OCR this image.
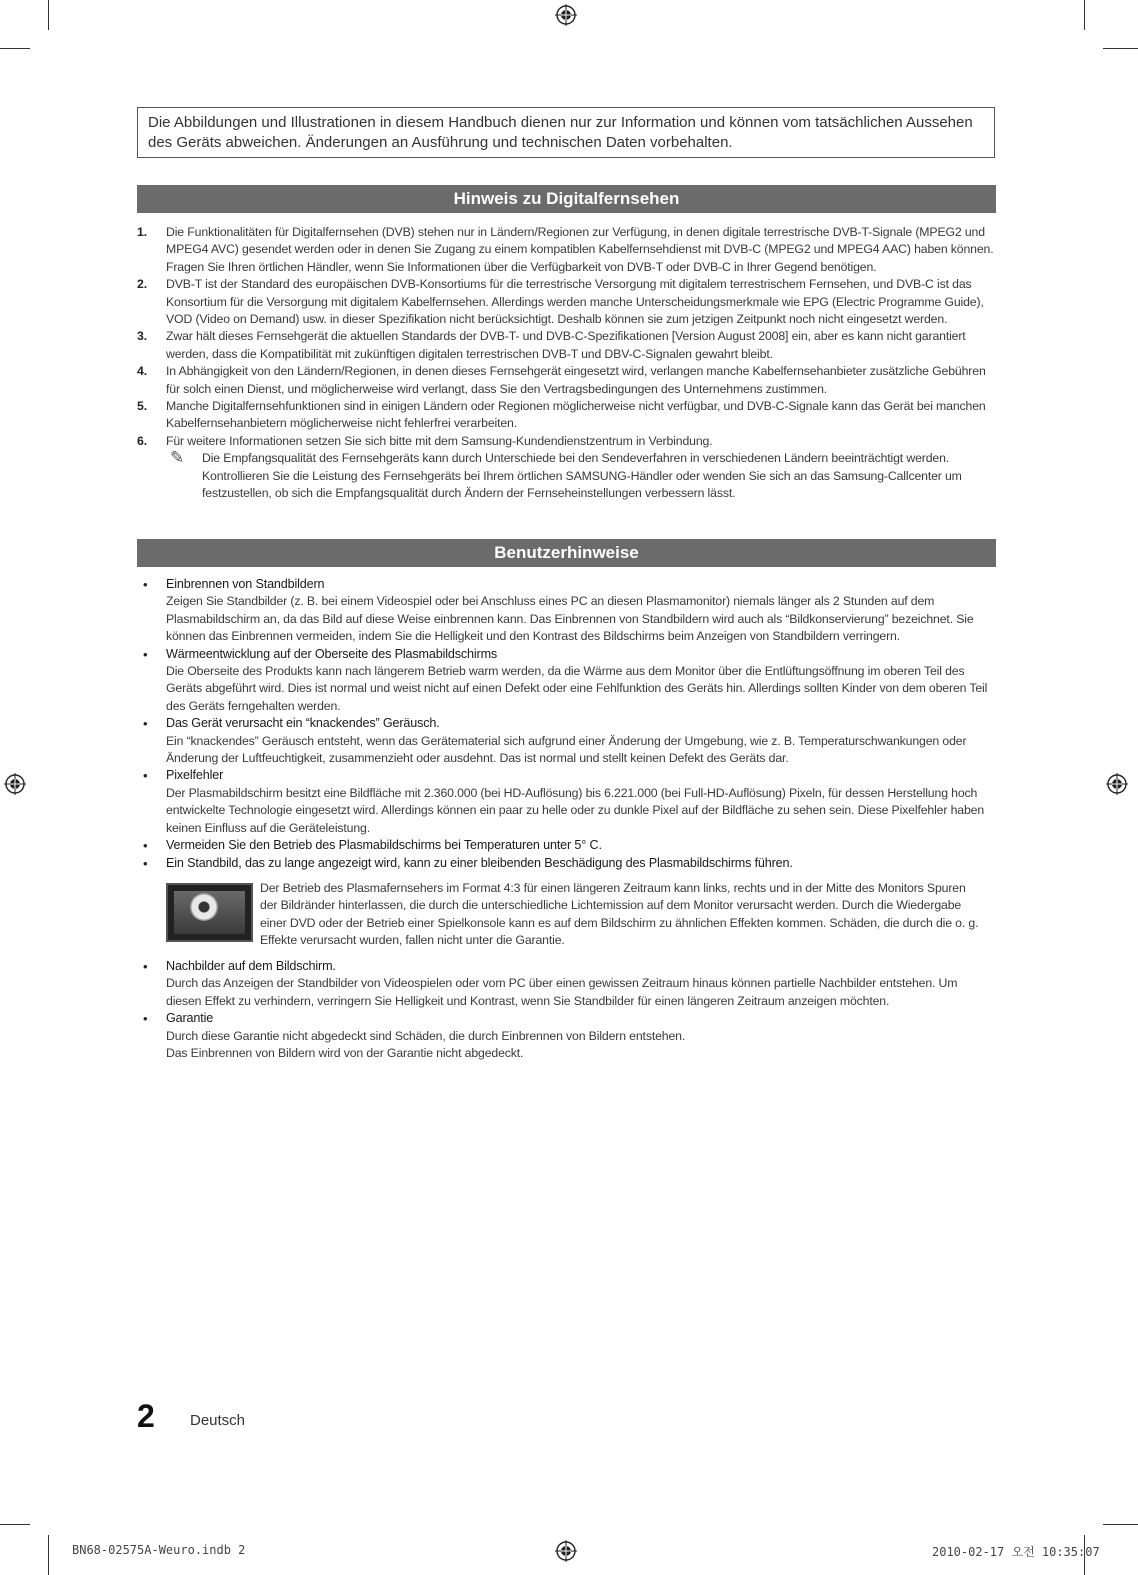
Die Abbildungen und Illustrationen in diesem Handbuch dienen nur zur Information und können vom tatsächlichen Aussehen des Geräts abweichen. Änderungen an Ausführung und technischen Daten vorbehalten.
Hinweis zu Digitalfernsehen
1. Die Funktionalitäten für Digitalfernsehen (DVB) stehen nur in Ländern/Regionen zur Verfügung, in denen digitale terrestrische DVB-T-Signale (MPEG2 und MPEG4 AVC) gesendet werden oder in denen Sie Zugang zu einem kompatiblen Kabelfernsehdienst mit DVB-C (MPEG2 und MPEG4 AAC) haben können. Fragen Sie Ihren örtlichen Händler, wenn Sie Informationen über die Verfügbarkeit von DVB-T oder DVB-C in Ihrer Gegend benötigen.
2. DVB-T ist der Standard des europäischen DVB-Konsortiums für die terrestrische Versorgung mit digitalem terrestrischem Fernsehen, und DVB-C ist das Konsortium für die Versorgung mit digitalem Kabelfernsehen. Allerdings werden manche Unterscheidungsmerkmale wie EPG (Electric Programme Guide), VOD (Video on Demand) usw. in dieser Spezifikation nicht berücksichtigt. Deshalb können sie zum jetzigen Zeitpunkt noch nicht eingesetzt werden.
3. Zwar hält dieses Fernsehgerät die aktuellen Standards der DVB-T- und DVB-C-Spezifikationen [Version August 2008] ein, aber es kann nicht garantiert werden, dass die Kompatibilität mit zukünftigen digitalen terrestrischen DVB-T und DBV-C-Signalen gewahrt bleibt.
4. In Abhängigkeit von den Ländern/Regionen, in denen dieses Fernsehgerät eingesetzt wird, verlangen manche Kabelfernsehanbieter zusätzliche Gebühren für solch einen Dienst, und möglicherweise wird verlangt, dass Sie den Vertragsbedingungen des Unternehmens zustimmen.
5. Manche Digitalfernsehfunktionen sind in einigen Ländern oder Regionen möglicherweise nicht verfügbar, und DVB-C-Signale kann das Gerät bei manchen Kabelfernsehanbietern möglicherweise nicht fehlerfrei verarbeiten.
6. Für weitere Informationen setzen Sie sich bitte mit dem Samsung-Kundendienstzentrum in Verbindung.
✎ Die Empfangsqualität des Fernsehgeräts kann durch Unterschiede bei den Sendeverfahren in verschiedenen Ländern beeinträchtigt werden. Kontrollieren Sie die Leistung des Fernsehgeräts bei Ihrem örtlichen SAMSUNG-Händler oder wenden Sie sich an das Samsung-Callcenter um festzustellen, ob sich die Empfangsqualität durch Ändern der Fernseheinstellungen verbessern lässt.
Benutzerhinweise
• Einbrennen von Standbildern
Zeigen Sie Standbilder (z. B. bei einem Videospiel oder bei Anschluss eines PC an diesen Plasmamonitor) niemals länger als 2 Stunden auf dem Plasmabildschirm an, da das Bild auf diese Weise einbrennen kann. Das Einbrennen von Standbildern wird auch als “Bildkonservierung” bezeichnet. Sie können das Einbrennen vermeiden, indem Sie die Helligkeit und den Kontrast des Bildschirms beim Anzeigen von Standbildern verringern.
• Wärmeentwicklung auf der Oberseite des Plasmabildschirms
Die Oberseite des Produkts kann nach längerem Betrieb warm werden, da die Wärme aus dem Monitor über die Entlüftungsöffnung im oberen Teil des Geräts abgeführt wird. Dies ist normal und weist nicht auf einen Defekt oder eine Fehlfunktion des Geräts hin. Allerdings sollten Kinder von dem oberen Teil des Geräts ferngehalten werden.
• Das Gerät verursacht ein “knackendes” Geräusch.
Ein “knackendes” Geräusch entsteht, wenn das Gerätematerial sich aufgrund einer Änderung der Umgebung, wie z. B. Temperaturschwankungen oder Änderung der Luftfeuchtigkeit, zusammenzieht oder ausdehnt. Das ist normal und stellt keinen Defekt des Geräts dar.
• Pixelfehler
Der Plasmabildschirm besitzt eine Bildfläche mit 2.360.000 (bei HD-Auflösung) bis 6.221.000 (bei Full-HD-Auflösung) Pixeln, für dessen Herstellung hoch entwickelte Technologie eingesetzt wird. Allerdings können ein paar zu helle oder zu dunkle Pixel auf der Bildfläche zu sehen sein. Diese Pixelfehler haben keinen Einfluss auf die Geräteleistung.
• Vermeiden Sie den Betrieb des Plasmabildschirms bei Temperaturen unter 5° C.
• Ein Standbild, das zu lange angezeigt wird, kann zu einer bleibenden Beschädigung des Plasmabildschirms führen.
Der Betrieb des Plasmafernsehers im Format 4:3 für einen längeren Zeitraum kann links, rechts und in der Mitte des Monitors Spuren der Bildränder hinterlassen, die durch die unterschiedliche Lichtemission auf dem Monitor verursacht werden. Durch die Wiedergabe einer DVD oder der Betrieb einer Spielkonsole kann es auf dem Bildschirm zu ähnlichen Effekten kommen. Schäden, die durch die o. g. Effekte verursacht wurden, fallen nicht unter die Garantie.
• Nachbilder auf dem Bildschirm.
Durch das Anzeigen der Standbilder von Videospielen oder vom PC über einen gewissen Zeitraum hinaus können partielle Nachbilder entstehen. Um diesen Effekt zu verhindern, verringern Sie Helligkeit und Kontrast, wenn Sie Standbilder für einen längeren Zeitraum anzeigen möchten.
• Garantie
Durch diese Garantie nicht abgedeckt sind Schäden, die durch Einbrennen von Bildern entstehen.
Das Einbrennen von Bildern wird von der Garantie nicht abgedeckt.
2 Deutsch
BN68-02575A-Weuro.indb 2	2010-02-17 오전 10:35:07
